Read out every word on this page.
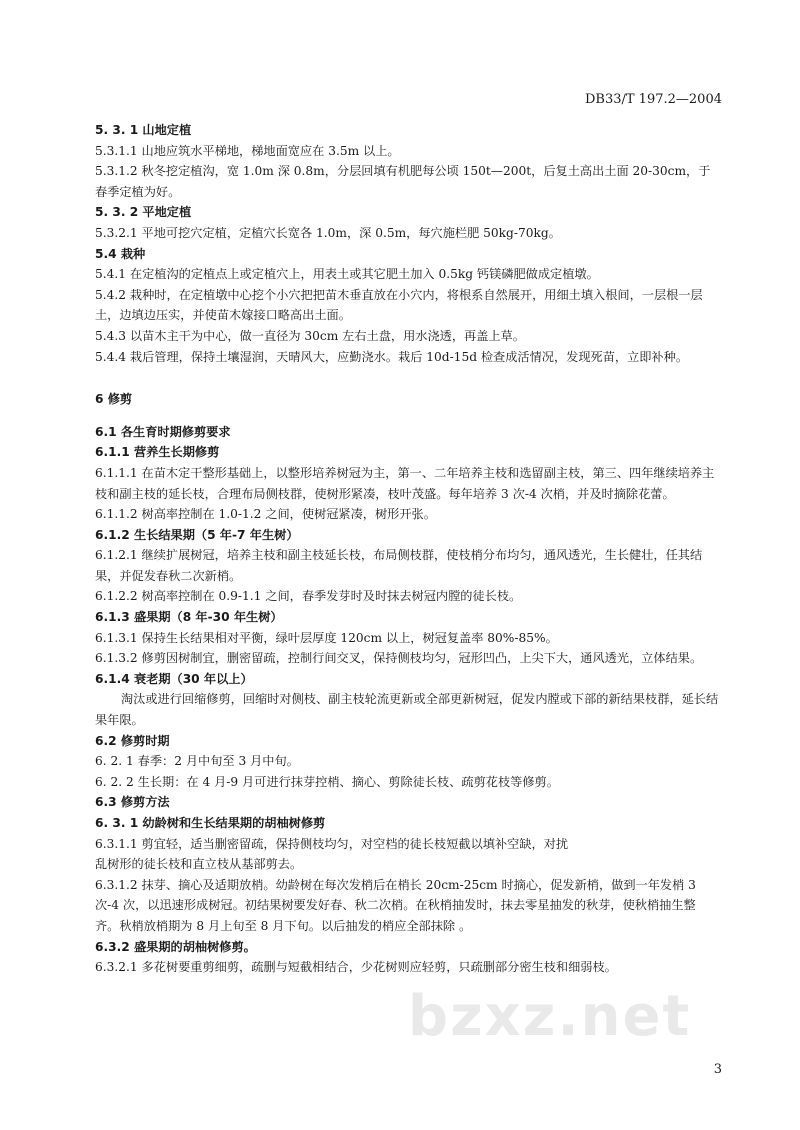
DB33/T 197.2—2004

5. 3. 1 山地定植

5.3.1.1 山地应筑水平梯地，梯地面宽应在 3.5m 以上。

5.3.1.2 秋冬挖定植沟，宽 1.0m 深 0.8m，分层回填有机肥每公顷 150t—200t，后复土高出土面 20-30cm，于春季定植为好。

5. 3. 2 平地定植

5.3.2.1 平地可挖穴定植，定植穴长宽各 1.0m，深 0.5m，每穴施栏肥 50kg-70kg。

5.4 栽种

5.4.1 在定植沟的定植点上或定植穴上，用表土或其它肥土加入 0.5kg 钙镁磷肥做成定植墩。

5.4.2 栽种时，在定植墩中心挖个小穴把把苗木垂直放在小穴内，将根系自然展开，用细土填入根间，一层根一层土，边填边压实，并使苗木嫁接口略高出土面。

5.4.3 以苗木主干为中心，做一直径为 30cm 左右土盘，用水浇透，再盖上草。

5.4.4 栽后管理，保持土壤湿润，天晴风大，应勤浇水。栽后 10d-15d 检查成活情况，发现死苗，立即补种。

6 修剪

6.1 各生育时期修剪要求

6.1.1 营养生长期修剪

6.1.1.1 在苗木定干整形基础上，以整形培养树冠为主，第一、二年培养主枝和选留副主枝，第三、四年继续培养主枝和副主枝的延长枝，合理布局侧枝群，使树形紧凑，枝叶茂盛。每年培养 3 次-4 次梢，并及时摘除花蕾。

6.1.1.2 树高率控制在 1.0-1.2 之间，使树冠紧凑，树形开张。

6.1.2 生长结果期（5 年-7 年生树）

6.1.2.1 继续扩展树冠，培养主枝和副主枝延长枝，布局侧枝群，使枝梢分布均匀，通风透光，生长健壮，任其结果，并促发春秋二次新梢。

6.1.2.2 树高率控制在 0.9-1.1 之间，春季发芽时及时抹去树冠内膛的徒长枝。

6.1.3 盛果期（8 年-30 年生树）

6.1.3.1 保持生长结果相对平衡，绿叶层厚度 120cm 以上，树冠复盖率 80%-85%。

6.1.3.2 修剪因树制宜，删密留疏，控制行间交叉，保持侧枝均匀，冠形凹凸，上尖下大，通风透光，立体结果。

6.1.4 衰老期（30 年以上）

淘汰或进行回缩修剪，回缩时对侧枝、副主枝轮流更新或全部更新树冠，促发内膛或下部的新结果枝群，延长结果年限。

6.2 修剪时期

6. 2. 1 春季：2 月中旬至 3 月中旬。

6. 2. 2 生长期：在 4 月-9 月可进行抹芽控梢、摘心、剪除徒长枝、疏剪花枝等修剪。

6.3 修剪方法

6. 3. 1 幼龄树和生长结果期的胡柚树修剪

6.3.1.1 剪宜轻，适当删密留疏，保持侧枝均匀，对空档的徒长枝短截以填补空缺，对扰

乱树形的徒长枝和直立枝从基部剪去。

6.3.1.2 抹芽、摘心及适期放梢。幼龄树在每次发梢后在梢长 20cm-25cm 时摘心，促发新梢，做到一年发梢 3 次-4 次，以迅速形成树冠。初结果树要发好春、秋二次梢。在秋梢抽发时，抹去零星抽发的秋芽，使秋梢抽生整齐。秋梢放梢期为 8 月上旬至 8 月下旬。以后抽发的梢应全部抹除 。

6.3.2 盛果期的胡柚树修剪。

6.3.2.1 多花树要重剪细剪，疏删与短截相结合，少花树则应轻剪，只疏删部分密生枝和细弱枝。

3
bzxz.net
